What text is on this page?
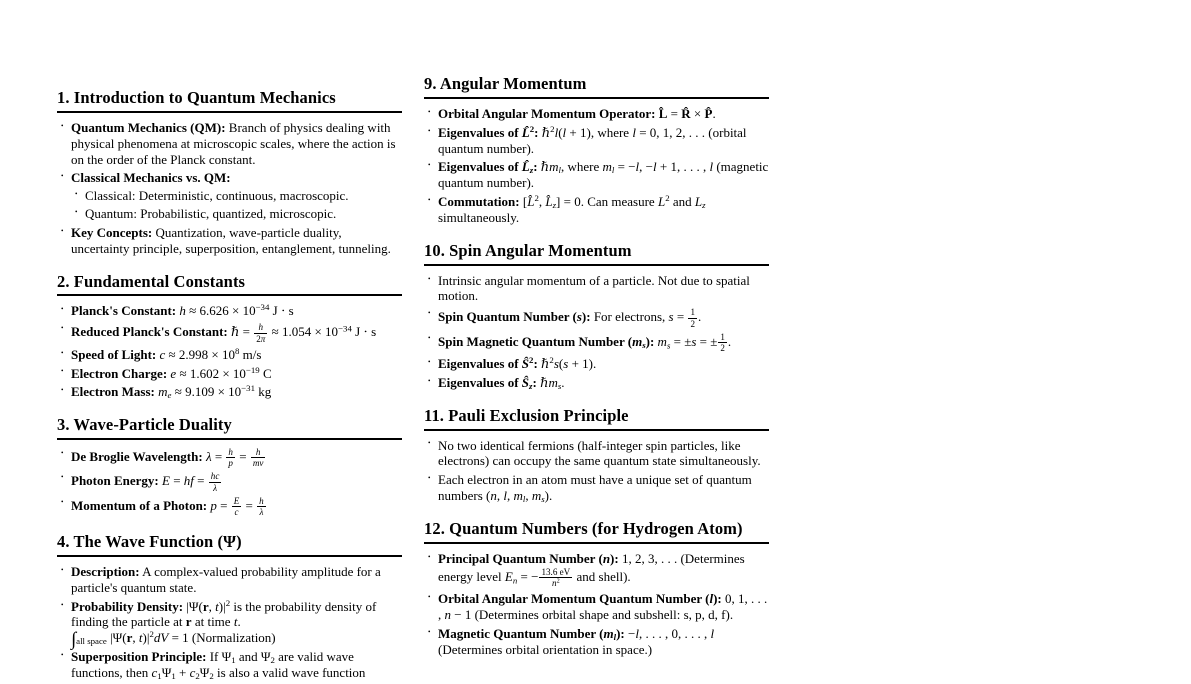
1. Introduction to Quantum Mechanics
• Quantum Mechanics (QM): Branch of physics dealing with physical phenomena at microscopic scales, where the action is on the order of the Planck constant.
• Classical Mechanics vs. QM:
• Classical: Deterministic, continuous, macroscopic.
• Quantum: Probabilistic, quantized, microscopic.
• Key Concepts: Quantization, wave-particle duality, uncertainty principle, superposition, entanglement, tunneling.
2. Fundamental Constants
• Planck's Constant: $h \approx 6.626 \times 10^{-34}$ J ⋅ s
• Reduced Planck's Constant: ℏ = $\frac{h}{2\pi} \approx 1.054 \times 10^{-34}$ J ⋅ s
• Speed of Light: $c \approx 2.998 \times 10^8$ m/s
• Electron Charge: $e \approx 1.602 \times 10^{-19}$ C
• Electron Mass: $m_e \approx 9.109 \times 10^{-31}$ kg
3. Wave-Particle Duality
• De Broglie Wavelength: $\lambda = \frac{h}{p} = \frac{h}{mv}$
• Photon Energy: E = hf = $\frac{hc}{\lambda}$
• Momentum of a Photon: $p = \frac{E}{c} = \frac{h}{\lambda}$
4. The Wave Function (Ψ)
• Description: A complex-valued probability amplitude for a particle's quantum state.
• Probability Density: |Ψ(r, $t)|^2$ is the probability density of finding the particle at r at time t.
$\int_{all space}$ |Ψ(r, $t)|^2dV = 1$ (Normalization)
• Superposition Principle: If $\Psi_1$ and $\Psi_2$ are valid wave functions, then $c_1\Psi_1 + c_2\Psi_2$ is also a valid wave function
9. Angular Momentum
• Orbital Angular Momentum Operator: L̂ = R̂ × P̂.
• Eigenvalues of L̂$^2$: ℏ$^2$l(l + 1), where l = 0, 1, 2, . . . (orbital quantum number).
• Eigenvalues of $L̂_z$: ℏm$_l$, where $m_l = -l$, −l + 1, . . . , l (magnetic quantum number).
• Commutation: [L̂$^2$, $L̂_z] = 0$. Can measure $L^2$ and $L_z$ simultaneously.
10. Spin Angular Momentum
• Intrinsic angular momentum of a particle. Not due to spatial motion.
• Spin Quantum Number (s): For electrons, $s = \frac{1}{2}$ .
• Spin Magnetic Quantum Number $(m_s)$: $m_s = \pm s$ = ± $\frac{1}{2}$ .
• Eigenvalues of $Ŝ^2$: ℏ$^2$s(s + 1).
• Eigenvalues of $Ŝ_z$: ℏm$_s$.
11. Pauli Exclusion Principle
• No two identical fermions (half-integer spin particles, like electrons) can occupy the same quantum state simultaneously.
• Each electron in an atom must have a unique set of quantum numbers (n, l, $m_l$, $m_s$).
12. Quantum Numbers (for Hydrogen Atom)
• Principal Quantum Number (n): 1, 2, 3, . . . (Determines energy level $E_n$ = − $\frac{13.6 eV}{n^2}$ and shell).
• Orbital Angular Momentum Quantum Number (l): 0, 1, . . . , n − 1 (Determines orbital shape and subshell: s, p, d, f).
• Magnetic Quantum Number $(m_l)$: −l, . . . , 0, . . . , l
(Determines orbital orientation in space.)
